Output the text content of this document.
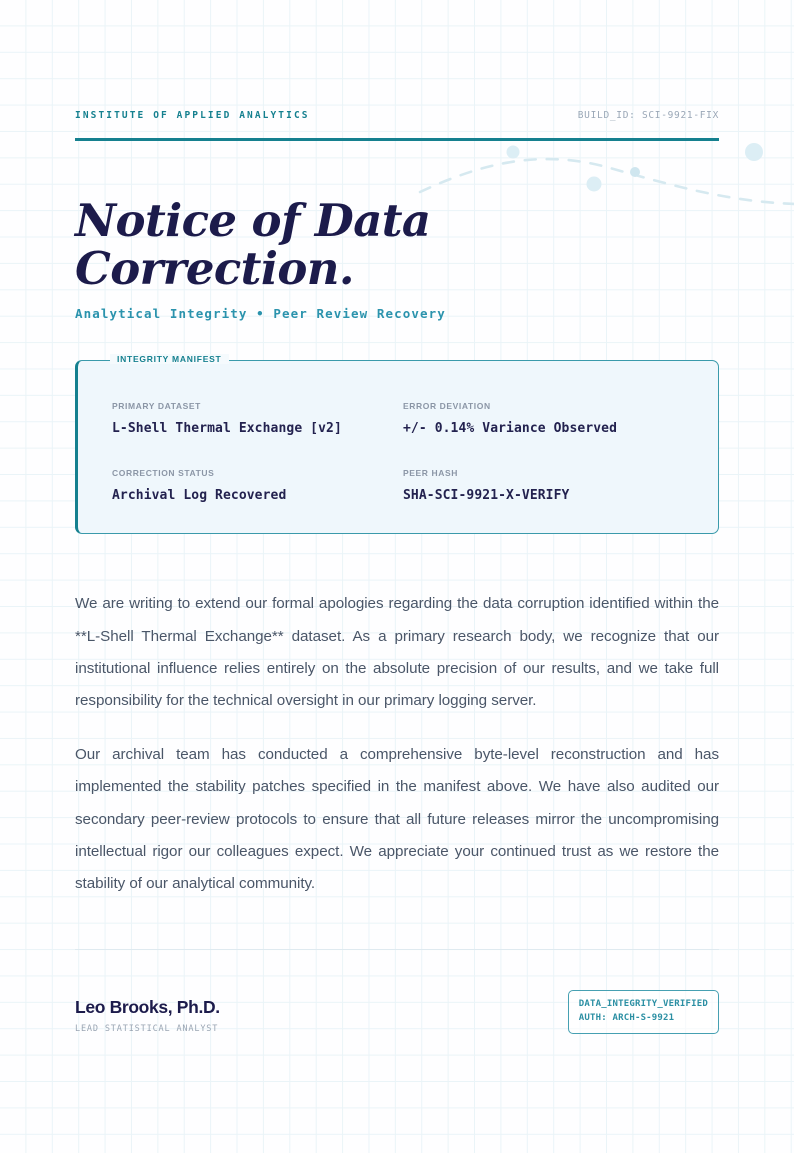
INSTITUTE OF APPLIED ANALYTICS	BUILD_ID: SCI-9921-FIX
Notice of Data
Correction.
Analytical Integrity • Peer Review Recovery
INTEGRITY MANIFEST
PRIMARY DATASET
L-Shell Thermal Exchange [v2]
ERROR DEVIATION
+/- 0.14% Variance Observed
CORRECTION STATUS
Archival Log Recovered
PEER HASH
SHA-SCI-9921-X-VERIFY

We are writing to extend our formal apologies regarding the data corruption identified within the **L-Shell Thermal Exchange** dataset. As a primary research body, we recognize that our institutional influence relies entirely on the absolute precision of our results, and we take full responsibility for the technical oversight in our primary logging server.

Our archival team has conducted a comprehensive byte-level reconstruction and has implemented the stability patches specified in the manifest above. We have also audited our secondary peer-review protocols to ensure that all future releases mirror the uncompromising intellectual rigor our colleagues expect. We appreciate your continued trust as we restore the stability of our analytical community.

Leo Brooks, Ph.D.
LEAD STATISTICAL ANALYST
DATA_INTEGRITY_VERIFIED
AUTH: ARCH-S-9921
